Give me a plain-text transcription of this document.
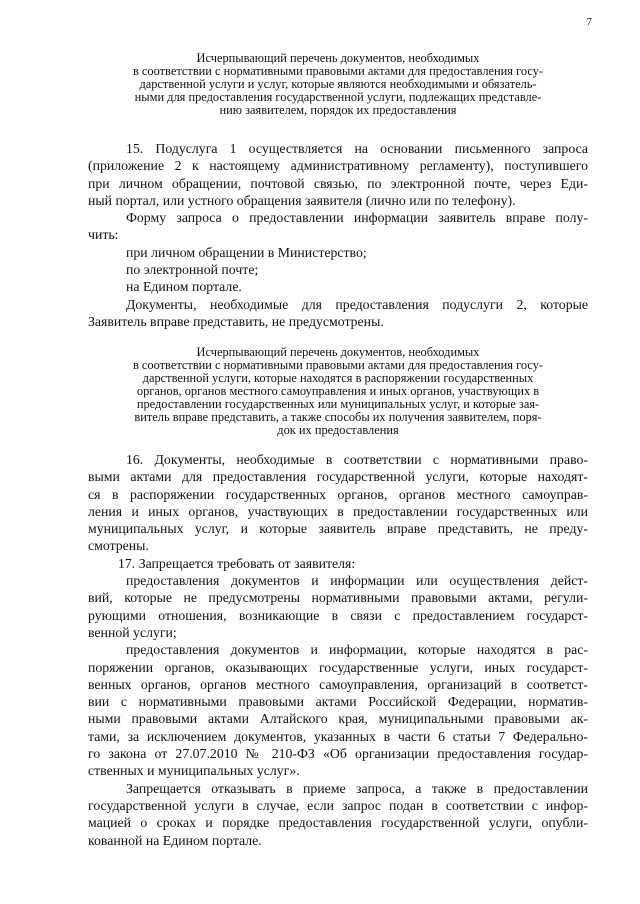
7
Исчерпывающий перечень документов, необходимых
в соответствии с нормативными правовыми актами для предоставления госу-
дарственной услуги и услуг, которые являются необходимыми и обязатель-
ными для предоставления государственной услуги, подлежащих представле-
нию заявителем, порядок их предоставления
15. Подуслуга 1 осуществляется на основании письменного запроса
(приложение 2 к настоящему административному регламенту), поступившего
при личном обращении, почтовой связью, по электронной почте, через Еди-
ный портал, или устного обращения заявителя (лично или по телефону).
Форму запроса о предоставлении информации заявитель вправе полу-
чить:
при личном обращении в Министерство;
по электронной почте;
на Едином портале.
Документы, необходимые для предоставления подуслуги 2, которые
Заявитель вправе представить, не предусмотрены.
Исчерпывающий перечень документов, необходимых
в соответствии с нормативными правовыми актами для предоставления госу-
дарственной услуги, которые находятся в распоряжении государственных
органов, органов местного самоуправления и иных органов, участвующих в
предоставлении государственных или муниципальных услуг, и которые зая-
витель вправе представить, а также способы их получения заявителем, поря-
док их предоставления
16. Документы, необходимые в соответствии с нормативными право-
выми актами для предоставления государственной услуги, которые находят-
ся в распоряжении государственных органов, органов местного самоуправ-
ления и иных органов, участвующих в предоставлении государственных или
муниципальных услуг, и которые заявитель вправе представить, не преду-
смотрены.
17. Запрещается требовать от заявителя:
предоставления документов и информации или осуществления дейст-
вий, которые не предусмотрены нормативными правовыми актами, регули-
рующими отношения, возникающие в связи с предоставлением государст-
венной услуги;
предоставления документов и информации, которые находятся в рас-
поряжении органов, оказывающих государственные услуги, иных государст-
венных органов, органов местного самоуправления, организаций в соответст-
вии с нормативными правовыми актами Российской Федерации, норматив-
ными правовыми актами Алтайского края, муниципальными правовыми ак-
тами, за исключением документов, указанных в части 6 статьи 7 Федерально-
го закона от 27.07.2010 № 210-ФЗ «Об организации предоставления государ-
ственных и муниципальных услуг».
Запрещается отказывать в приеме запроса, а также в предоставлении
государственной услуги в случае, если запрос подан в соответствии с инфор-
мацией о сроках и порядке предоставления государственной услуги, опубли-
кованной на Едином портале.
